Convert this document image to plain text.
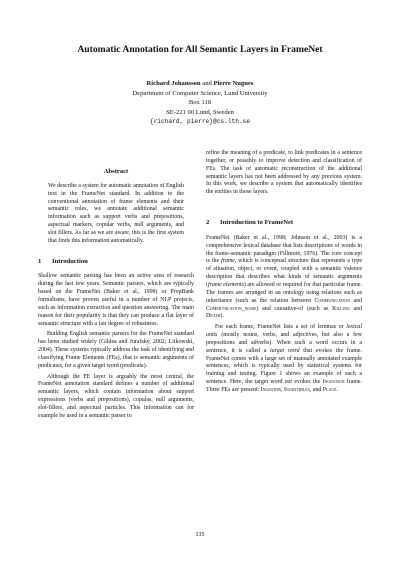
Automatic Annotation for All Semantic Layers in FrameNet
Richard Johansson and Pierre Nugues
Department of Computer Science, Lund University
Box 118
SE-221 00 Lund, Sweden
{richard, pierre}@cs.lth.se
Abstract

We describe a system for automatic annotation of English text in the FrameNet standard. In addition to the conventional annotation of frame elements and their semantic roles, we annotate additional semantic information such as support verbs and prepositions, aspectual markers, copular verbs, null arguments, and slot fillers. As far as we are aware, this is the first system that finds this information automatically.

1 Introduction

Shallow semantic parsing has been an active area of research during the last few years. Semantic parsers, which are typically based on the FrameNet (Baker et al., 1998) or PropBank formalisms, have proven useful in a number of NLP projects, such as information extraction and question answering. The main reason for their popularity is that they can produce a flat layer of semantic structure with a fair degree of robustness.

Building English semantic parsers for the FrameNet standard has been studied widely (Gildea and Jurafsky, 2002; Litkowski, 2004). These systems typically address the task of identifying and classifying Frame Elements (FEs), that is semantic arguments of predicates, for a given target word (predicate).

Although the FE layer is arguably the most central, the FrameNet annotation standard defines a number of additional semantic layers, which contain information about support expressions (verbs and prepositions), copulas, null arguments, slot-fillers, and aspectual particles. This information can for example be used in a semantic parser to

refine the meaning of a predicate, to link predicates in a sentence together, or possibly to improve detection and classification of FEs. The task of automatic reconstruction of the additional semantic layers has not been addressed by any previous system. In this work, we describe a system that automatically identifies the entities in those layers.

2 Introduction to FrameNet

FrameNet (Baker et al., 1998; Johnson et al., 2003) is a comprehensive lexical database that lists descriptions of words in the frame-semantic paradigm (Fillmore, 1976). The core concept is the frame, which is conceptual structure that represents a type of situation, object, or event, coupled with a semantic valence description that describes what kinds of semantic arguments (frame elements) are allowed or required for that particular frame. The frames are arranged in an ontology using relations such as inheritance (such as the relation between Communication and Communication_noise) and causative-of (such as Killing and Death).

For each frame, FrameNet lists a set of lemmas or lexical units (mostly nouns, verbs, and adjectives, but also a few prepositions and adverbs). When such a word occurs in a sentence, it is called a target word that evokes the frame. FrameNet comes with a large set of manually annotated example sentences, which is typically used by statistical systems for training and testing. Figure 1 shows an example of such a sentence. Here, the target word eat evokes the Ingestion frame. Three FEs are present: Ingestor, Ingestibles, and Place.

135
